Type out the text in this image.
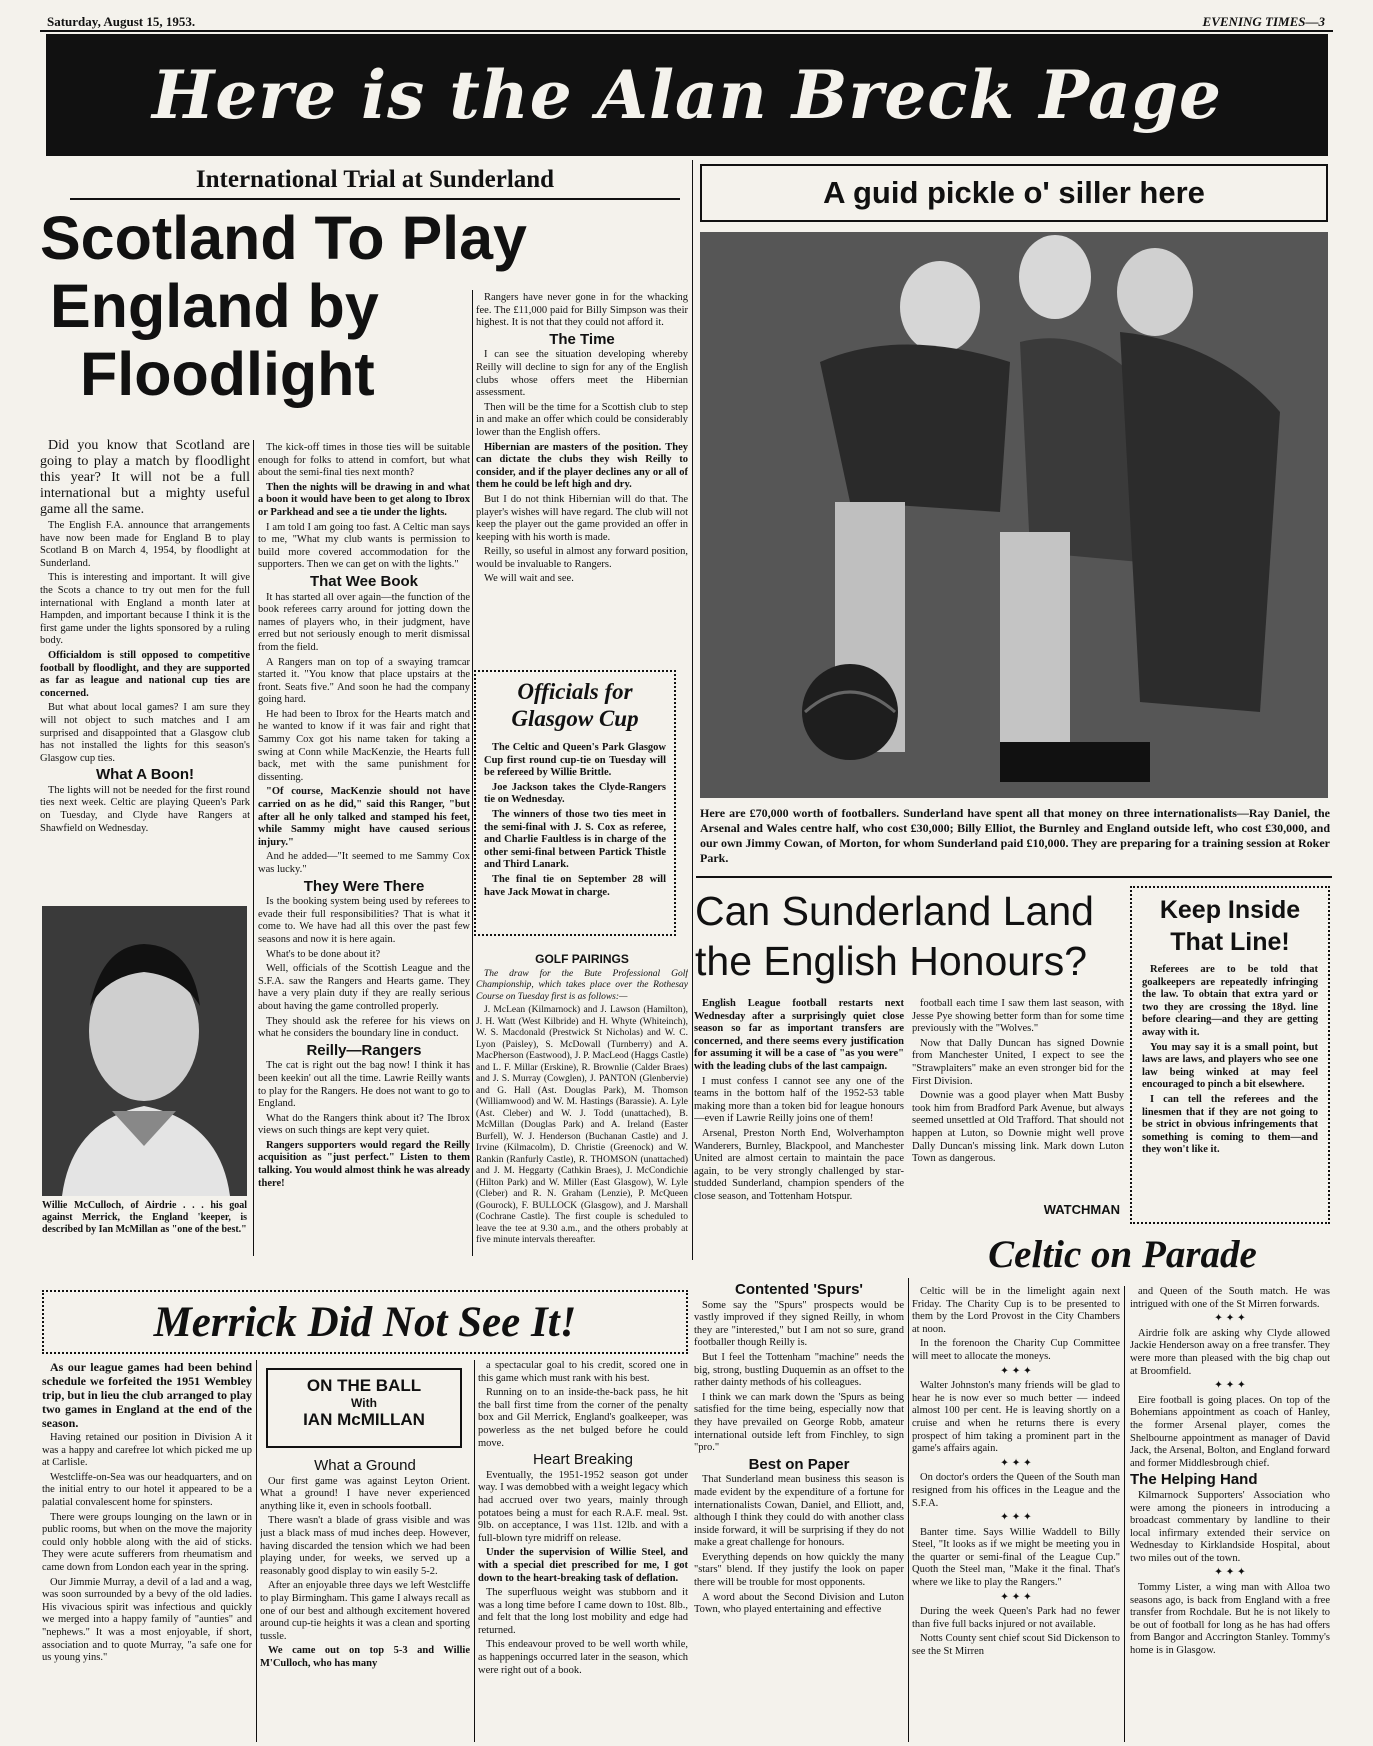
Saturday, August 15, 1953.	EVENING TIMES—3
Here is the Alan Breck Page
International Trial at Sunderland
Scotland To Play
England by
Floodlight

Did you know that Scotland are going to play a match by floodlight this year? It will not be a full international but a mighty useful game all the same.

The English F.A. announce that arrangements have now been made for England B to play Scotland B on March 4, 1954, by floodlight at Sunderland.

This is interesting and important. It will give the Scots a chance to try out men for the full international with England a month later at Hampden, and important because I think it is the first game under the lights sponsored by a ruling body.

Officialdom is still opposed to competitive football by floodlight, and they are supported as far as league and national cup ties are concerned.

But what about local games? I am sure they will not object to such matches and I am surprised and disappointed that a Glasgow club has not installed the lights for this season's Glasgow cup ties.

What A Boon!

The lights will not be needed for the first round ties next week. Celtic are playing Queen's Park on Tuesday, and Clyde have Rangers at Shawfield on Wednesday.

The kick-off times in those ties will be suitable enough for folks to attend in comfort, but what about the semi-final ties next month?

Then the nights will be drawing in and what a boon it would have been to get along to Ibrox or Parkhead and see a tie under the lights.

I am told I am going too fast. A Celtic man says to me, "What my club wants is permission to build more covered accommodation for the supporters. Then we can get on with the lights."

That Wee Book

It has started all over again—the function of the book referees carry around for jotting down the names of players who, in their judgment, have erred but not seriously enough to merit dismissal from the field.

A Rangers man on top of a swaying tramcar started it. "You know that place upstairs at the front. Seats five." And soon he had the company going hard.

He had been to Ibrox for the Hearts match and he wanted to know if it was fair and right that Sammy Cox got his name taken for taking a swing at Conn while MacKenzie, the Hearts full back, met with the same punishment for dissenting.

"Of course, MacKenzie should not have carried on as he did," said this Ranger, "but after all he only talked and stamped his feet, while Sammy might have caused serious injury."

And he added—"It seemed to me Sammy Cox was lucky."

They Were There

Is the booking system being used by referees to evade their full responsibilities? That is what it come to. We have had all this over the past few seasons and now it is here again.

What's to be done about it?

Well, officials of the Scottish League and the S.F.A. saw the Rangers and Hearts game. They have a very plain duty if they are really serious about having the game controlled properly.

They should ask the referee for his views on what he considers the boundary line in conduct.

Reilly—Rangers

The cat is right out the bag now! I think it has been keekin' out all the time. Lawrie Reilly wants to play for the Rangers. He does not want to go to England.

What do the Rangers think about it? The Ibrox views on such things are kept very quiet.

Rangers supporters would regard the Reilly acquisition as "just perfect." Listen to them talking. You would almost think he was already there!

Rangers have never gone in for the whacking fee. The £11,000 paid for Billy Simpson was their highest. It is not that they could not afford it.

The Time

I can see the situation developing whereby Reilly will decline to sign for any of the English clubs whose offers meet the Hibernian assessment.

Then will be the time for a Scottish club to step in and make an offer which could be considerably lower than the English offers.

Hibernian are masters of the position. They can dictate the clubs they wish Reilly to consider, and if the player declines any or all of them he could be left high and dry.

But I do not think Hibernian will do that. The player's wishes will have regard. The club will not keep the player out the game provided an offer in keeping with his worth is made.

Reilly, so useful in almost any forward position, would be invaluable to Rangers.

We will wait and see.

Officials for Glasgow Cup

The Celtic and Queen's Park Glasgow Cup first round cup-tie on Tuesday will be refereed by Willie Brittle.

Joe Jackson takes the Clyde-Rangers tie on Wednesday.

The winners of those two ties meet in the semi-final with J. S. Cox as referee, and Charlie Faultless is in charge of the other semi-final between Partick Thistle and Third Lanark.

The final tie on September 28 will have Jack Mowat in charge.

GOLF PAIRINGS

The draw for the Bute Professional Golf Championship, which takes place over the Rothesay Course on Tuesday first is as follows:—

J. McLean (Kilmarnock) and J. Lawson (Hamilton), J. H. Watt (West Kilbride) and H. Whyte (Whiteinch), W. S. Macdonald (Prestwick St Nicholas) and W. C. Lyon (Paisley), S. McDowall (Turnberry) and A. MacPherson (Eastwood), J. P. MacLeod (Haggs Castle) and L. F. Millar (Erskine), R. Brownlie (Calder Braes) and J. S. Murray (Cowglen), J. PANTON (Glenbervie) and G. Hall (Ast. Douglas Park), M. Thomson (Williamwood) and W. M. Hastings (Barassie). A. Lyle (Ast. Cleber) and W. J. Todd (unattached), B. McMillan (Douglas Park) and A. Ireland (Easter Burfell), W. J. Henderson (Buchanan Castle) and J. Irvine (Kilmacolm), D. Christie (Greenock) and W. Rankin (Ranfurly Castle), R. THOMSON (unattached) and J. M. Heggarty (Cathkin Braes), J. McCondichie (Hilton Park) and W. Miller (East Glasgow), W. Lyle (Cleber) and R. N. Graham (Lenzie), P. McQueen (Gourock), F. BULLOCK (Glasgow), and J. Marshall (Cochrane Castle). The first couple is scheduled to leave the tee at 9.30 a.m., and the others probably at five minute intervals thereafter.

Willie McCulloch, of Airdrie . . . his goal against Merrick, the England 'keeper, is described by Ian McMillan as "one of the best."
A guid pickle o' siller here
Here are £70,000 worth of footballers. Sunderland have spent all that money on three internationalists—Ray Daniel, the Arsenal and Wales centre half, who cost £30,000; Billy Elliot, the Burnley and England outside left, who cost £30,000, and our own Jimmy Cowan, of Morton, for whom Sunderland paid £10,000. They are preparing for a training session at Roker Park.
Can Sunderland Land
the English Honours?

English League football restarts next Wednesday after a surprisingly quiet close season so far as important transfers are concerned, and there seems every justification for assuming it will be a case of "as you were" with the leading clubs of the last campaign.

I must confess I cannot see any one of the teams in the bottom half of the 1952-53 table making more than a token bid for league honours—even if Lawrie Reilly joins one of them!

Arsenal, Preston North End, Wolverhampton Wanderers, Burnley, Blackpool, and Manchester United are almost certain to maintain the pace again, to be very strongly challenged by star-studded Sunderland, champion spenders of the close season, and Tottenham Hotspur.

football each time I saw them last season, with Jesse Pye showing better form than for some time previously with the "Wolves."

Now that Dally Duncan has signed Downie from Manchester United, I expect to see the "Strawplaiters" make an even stronger bid for the First Division.

Downie was a good player when Matt Busby took him from Bradford Park Avenue, but always seemed unsettled at Old Trafford. That should not happen at Luton, so Downie might well prove Dally Duncan's missing link. Mark down Luton Town as dangerous.

WATCHMAN
Keep Inside
That Line!

Referees are to be told that goalkeepers are repeatedly infringing the law. To obtain that extra yard or two they are crossing the 18yd. line before clearing—and they are getting away with it.

You may say it is a small point, but laws are laws, and players who see one law being winked at may feel encouraged to pinch a bit elsewhere.

I can tell the referees and the linesmen that if they are not going to be strict in obvious infringements that something is coming to them—and they won't like it.

Contented 'Spurs'

Some say the "Spurs" prospects would be vastly improved if they signed Reilly, in whom they are "interested," but I am not so sure, grand footballer though Reilly is.

But I feel the Tottenham "machine" needs the big, strong, bustling Duquemin as an offset to the rather dainty methods of his colleagues.

I think we can mark down the 'Spurs as being satisfied for the time being, especially now that they have prevailed on George Robb, amateur international outside left from Finchley, to sign "pro."

Best on Paper

That Sunderland mean business this season is made evident by the expenditure of a fortune for internationalists Cowan, Daniel, and Elliott, and, although I think they could do with another class inside forward, it will be surprising if they do not make a great challenge for honours.

Everything depends on how quickly the many "stars" blend. If they justify the look on paper there will be trouble for most opponents.

A word about the Second Division and Luton Town, who played entertaining and effective

Celtic on Parade

Celtic will be in the limelight again next Friday. The Charity Cup is to be presented to them by the Lord Provost in the City Chambers at noon.

In the forenoon the Charity Cup Committee will meet to allocate the moneys.

✦ ✦ ✦

Walter Johnston's many friends will be glad to hear he is now ever so much better — indeed almost 100 per cent. He is leaving shortly on a cruise and when he returns there is every prospect of him taking a prominent part in the game's affairs again.

✦ ✦ ✦

On doctor's orders the Queen of the South man resigned from his offices in the League and the S.F.A.

✦ ✦ ✦

Banter time. Says Willie Waddell to Billy Steel, "It looks as if we might be meeting you in the quarter or semi-final of the League Cup." Quoth the Steel man, "Make it the final. That's where we like to play the Rangers."

✦ ✦ ✦

During the week Queen's Park had no fewer than five full backs injured or not available.

Notts County sent chief scout Sid Dickenson to see the St Mirren

and Queen of the South match. He was intrigued with one of the St Mirren forwards.

✦ ✦ ✦

Airdrie folk are asking why Clyde allowed Jackie Henderson away on a free transfer. They were more than pleased with the big chap out at Broomfield.

✦ ✦ ✦

Eire football is going places. On top of the Bohemians appointment as coach of Hanley, the former Arsenal player, comes the Shelbourne appointment as manager of David Jack, the Arsenal, Bolton, and England forward and former Middlesbrough chief.

The Helping Hand

Kilmarnock Supporters' Association who were among the pioneers in introducing a broadcast commentary by landline to their local infirmary extended their service on Wednesday to Kirklandside Hospital, about two miles out of the town.

✦ ✦ ✦

Tommy Lister, a wing man with Alloa two seasons ago, is back from England with a free transfer from Rochdale. But he is not likely to be out of football for long as he has had offers from Bangor and Accrington Stanley. Tommy's home is in Glasgow.

Merrick Did Not See It!

As our league games had been behind schedule we forfeited the 1951 Wembley trip, but in lieu the club arranged to play two games in England at the end of the season.

Having retained our position in Division A it was a happy and carefree lot which picked me up at Carlisle.

Westcliffe-on-Sea was our headquarters, and on the initial entry to our hotel it appeared to be a palatial convalescent home for spinsters.

There were groups lounging on the lawn or in public rooms, but when on the move the majority could only hobble along with the aid of sticks. They were acute sufferers from rheumatism and came down from London each year in the spring.

Our Jimmie Murray, a devil of a lad and a wag, was soon surrounded by a bevy of the old ladies. His vivacious spirit was infectious and quickly we merged into a happy family of "aunties" and "nephews." It was a most enjoyable, if short, association and to quote Murray, "a safe one for us young yins."

ON THE BALL
With
IAN McMILLAN
What a Ground

Our first game was against Leyton Orient. What a ground! I have never experienced anything like it, even in schools football.

There wasn't a blade of grass visible and was just a black mass of mud inches deep. However, having discarded the tension which we had been playing under, for weeks, we served up a reasonably good display to win easily 5-2.

After an enjoyable three days we left Westcliffe to play Birmingham. This game I always recall as one of our best and although excitement hovered around cup-tie heights it was a clean and sporting tussle.

We came out on top 5-3 and Willie M'Culloch, who has many

a spectacular goal to his credit, scored one in this game which must rank with his best.

Running on to an inside-the-back pass, he hit the ball first time from the corner of the penalty box and Gil Merrick, England's goalkeeper, was powerless as the net bulged before he could move.

Heart Breaking

Eventually, the 1951-1952 season got under way. I was demobbed with a weight legacy which had accrued over two years, mainly through potatoes being a must for each R.A.F. meal. 9st. 9lb. on acceptance, I was 11st. 12lb. and with a full-blown tyre midriff on release.

Under the supervision of Willie Steel, and with a special diet prescribed for me, I got down to the heart-breaking task of deflation.

The superfluous weight was stubborn and it was a long time before I came down to 10st. 8lb., and felt that the long lost mobility and edge had returned.

This endeavour proved to be well worth while, as happenings occurred later in the season, which were right out of a book.
